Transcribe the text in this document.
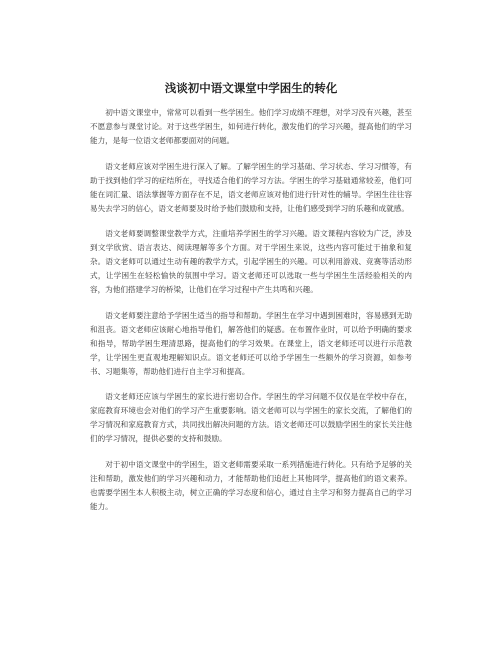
浅谈初中语文课堂中学困生的转化

初中语文课堂中，常常可以看到一些学困生。他们学习成绩不理想，对学习没有兴趣，甚至不愿意参与课堂讨论。对于这些学困生，如何进行转化，激发他们的学习兴趣，提高他们的学习能力，是每一位语文老师都要面对的问题。

语文老师应该对学困生进行深入了解。了解学困生的学习基础、学习状态、学习习惯等，有助于找到他们学习的症结所在，寻找适合他们的学习方法。学困生的学习基础通常较差，他们可能在词汇量、语法掌握等方面存在不足，语文老师应该对他们进行针对性的辅导。学困生往往容易失去学习的信心，语文老师要及时给予他们鼓励和支持，让他们感受到学习的乐趣和成就感。

语文老师要调整课堂教学方式，注重培养学困生的学习兴趣。语文课程内容较为广泛，涉及到文学欣赏、语言表达、阅读理解等多个方面。对于学困生来说，这些内容可能过于抽象和复杂。语文老师可以通过生动有趣的教学方式，引起学困生的兴趣。可以利用游戏、竞赛等活动形式，让学困生在轻松愉快的氛围中学习。语文老师还可以选取一些与学困生生活经验相关的内容，为他们搭建学习的桥梁，让他们在学习过程中产生共鸣和兴趣。

语文老师要注意给予学困生适当的指导和帮助。学困生在学习中遇到困难时，容易感到无助和沮丧。语文老师应该耐心地指导他们，解答他们的疑惑。在布置作业时，可以给予明确的要求和指导，帮助学困生理清思路，提高他们的学习效果。在课堂上，语文老师还可以进行示范教学，让学困生更直观地理解知识点。语文老师还可以给予学困生一些额外的学习资源，如参考书、习题集等，帮助他们进行自主学习和提高。

语文老师还应该与学困生的家长进行密切合作。学困生的学习问题不仅仅是在学校中存在，家庭教育环境也会对他们的学习产生重要影响。语文老师可以与学困生的家长交流，了解他们的学习情况和家庭教育方式，共同找出解决问题的方法。语文老师还可以鼓励学困生的家长关注他们的学习情况，提供必要的支持和鼓励。

对于初中语文课堂中的学困生，语文老师需要采取一系列措施进行转化。只有给予足够的关注和帮助，激发他们的学习兴趣和动力，才能帮助他们追赶上其他同学，提高他们的语文素养。也需要学困生本人积极主动，树立正确的学习态度和信心，通过自主学习和努力提高自己的学习能力。
